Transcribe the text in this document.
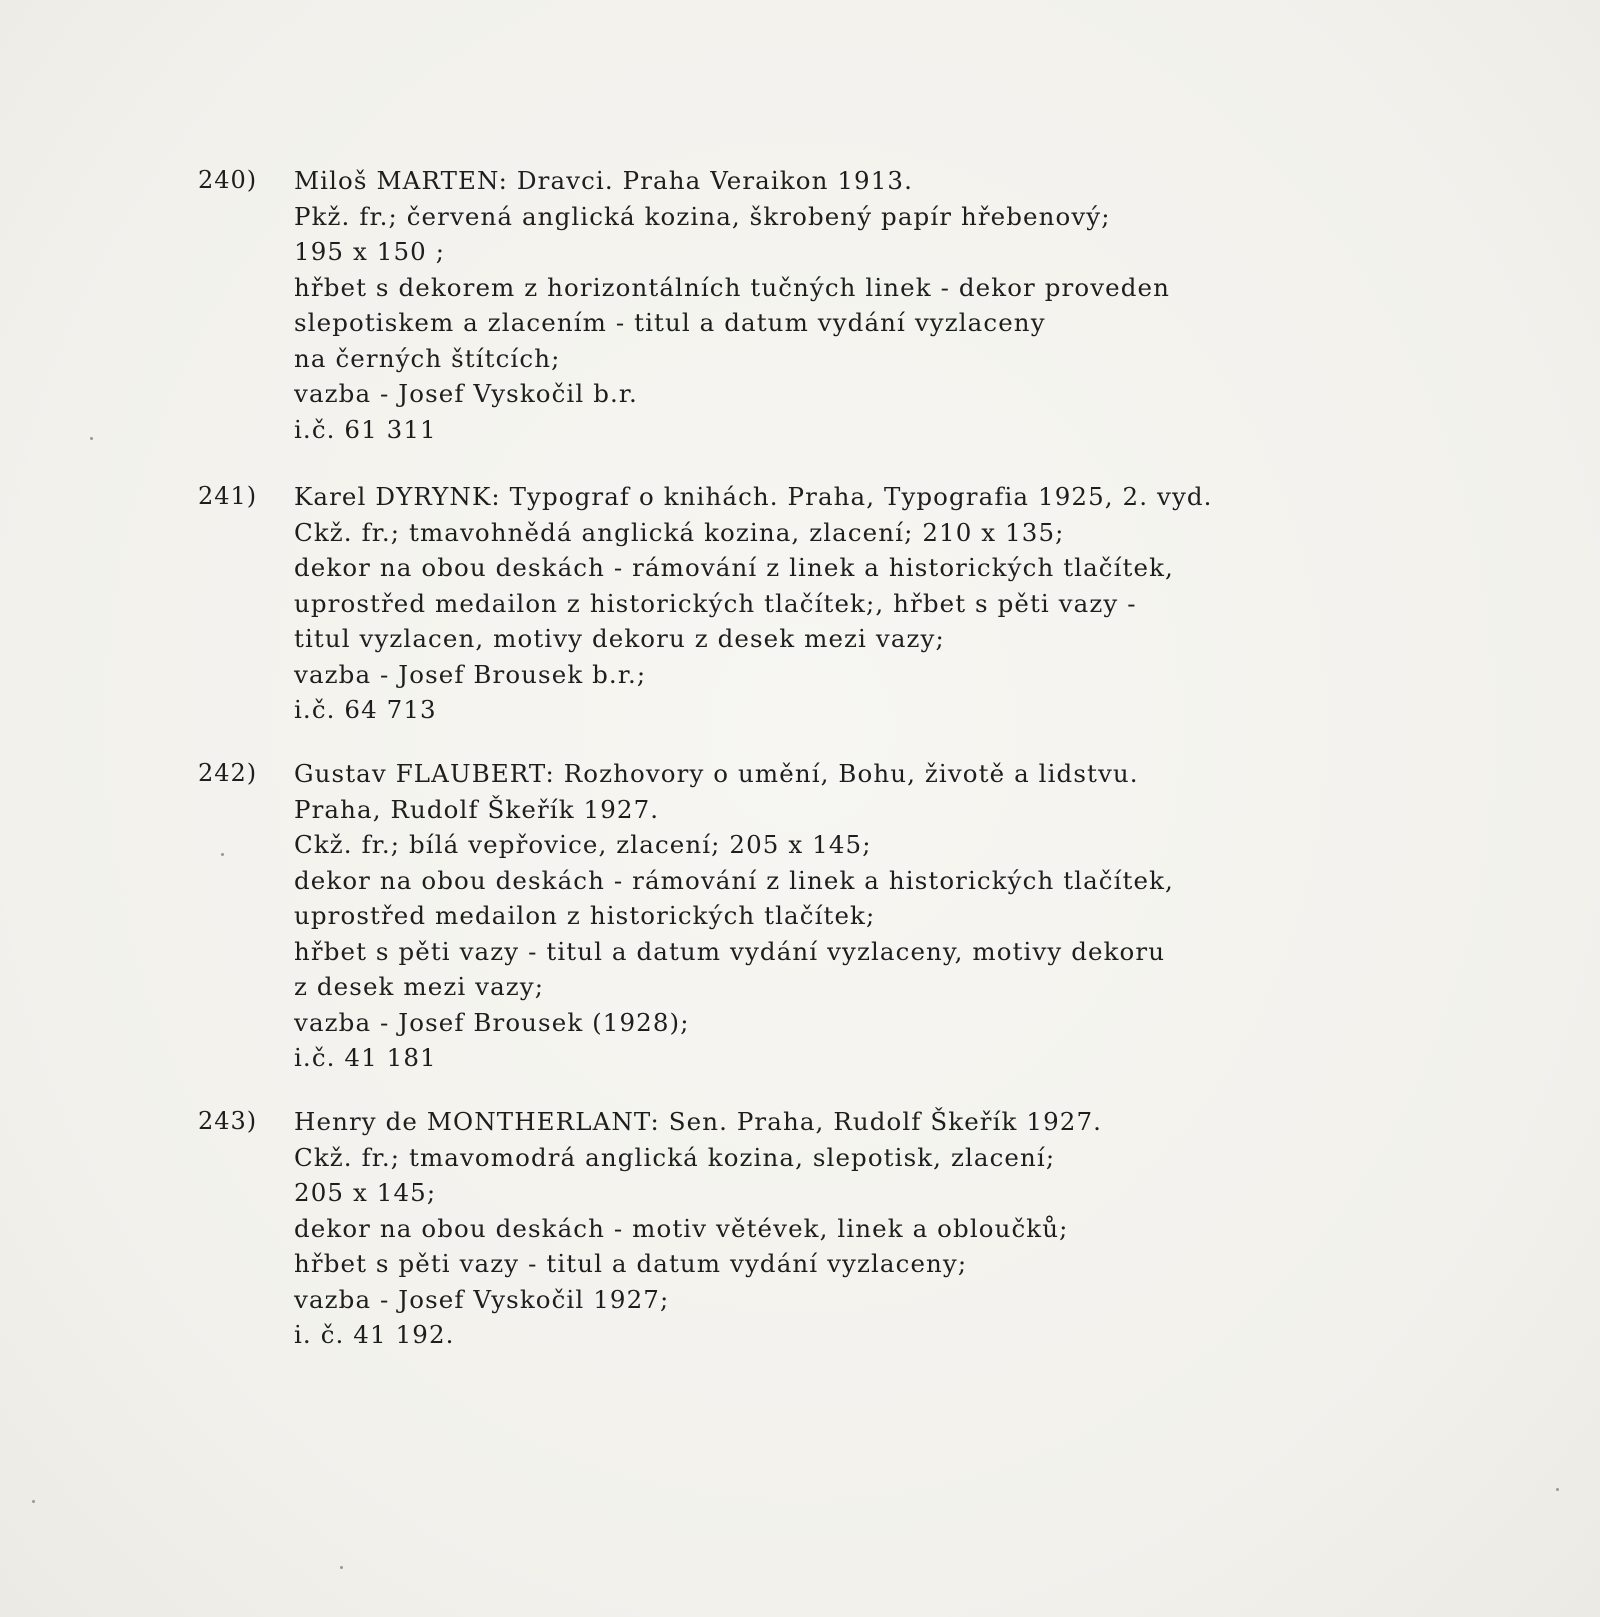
240) Miloš MARTEN: Dravci. Praha Veraikon 1913.
Pkž. fr.; červená anglická kozina, škrobený papír hřebenový;
195 x 150 ;
hřbet s dekorem z horizontálních tučných linek - dekor proveden
slepotiskem a zlacením - titul a datum vydání vyzlaceny
na černých štítcích;
vazba - Josef Vyskočil b.r.
i.č. 61 311
241) Karel DYRYNK: Typograf o knihách. Praha, Typografia 1925, 2. vyd.
Ckž. fr.; tmavohnědá anglická kozina, zlacení; 210 x 135;
dekor na obou deskách - rámování z linek a historických tlačítek,
uprostřed medailon z historických tlačítek;, hřbet s pěti vazy -
titul vyzlacen, motivy dekoru z desek mezi vazy;
vazba - Josef Brousek b.r.;
i.č. 64 713
242) Gustav FLAUBERT: Rozhovory o umění, Bohu, životě a lidstvu.
Praha, Rudolf Škeřík 1927.
Ckž. fr.; bílá vepřovice, zlacení; 205 x 145;
dekor na obou deskách - rámování z linek a historických tlačítek,
uprostřed medailon z historických tlačítek;
hřbet s pěti vazy - titul a datum vydání vyzlaceny, motivy dekoru
z desek mezi vazy;
vazba - Josef Brousek (1928);
i.č. 41 181
243) Henry de MONTHERLANT: Sen. Praha, Rudolf Škeřík 1927.
Ckž. fr.; tmavomodrá anglická kozina, slepotisk, zlacení;
205 x 145;
dekor na obou deskách - motiv větévek, linek a obloučků;
hřbet s pěti vazy - titul a datum vydání vyzlaceny;
vazba - Josef Vyskočil 1927;
i. č. 41 192.
